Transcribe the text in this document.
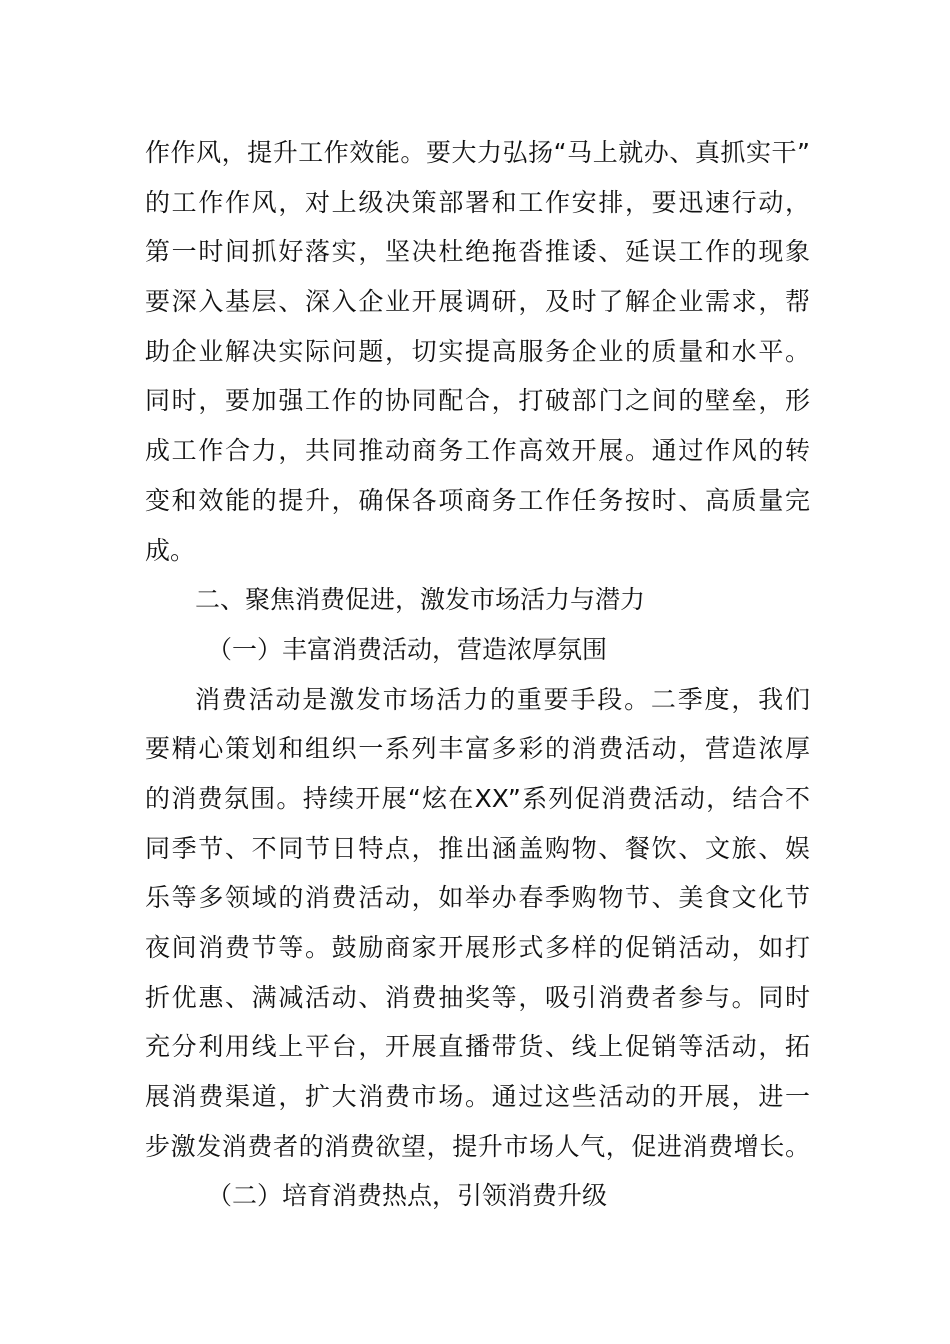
作作风，提升工作效能。要大力弘扬“马上就办、真抓实干”
的工作作风，对上级决策部署和工作安排，要迅速行动，
第一时间抓好落实，坚决杜绝拖沓推诿、延误工作的现象
要深入基层、深入企业开展调研，及时了解企业需求，帮
助企业解决实际问题，切实提高服务企业的质量和水平。
同时，要加强工作的协同配合，打破部门之间的壁垒，形
成工作合力，共同推动商务工作高效开展。通过作风的转
变和效能的提升，确保各项商务工作任务按时、高质量完
成。
二、聚焦消费促进，激发市场活力与潜力
（一）丰富消费活动，营造浓厚氛围
消费活动是激发市场活力的重要手段。二季度，我们
要精心策划和组织一系列丰富多彩的消费活动，营造浓厚
的消费氛围。持续开展“炫在XX”系列促消费活动，结合不
同季节、不同节日特点，推出涵盖购物、餐饮、文旅、娱
乐等多领域的消费活动，如举办春季购物节、美食文化节
夜间消费节等。鼓励商家开展形式多样的促销活动，如打
折优惠、满减活动、消费抽奖等，吸引消费者参与。同时
充分利用线上平台，开展直播带货、线上促销等活动，拓
展消费渠道，扩大消费市场。通过这些活动的开展，进一
步激发消费者的消费欲望，提升市场人气，促进消费增长。
（二）培育消费热点，引领消费升级
